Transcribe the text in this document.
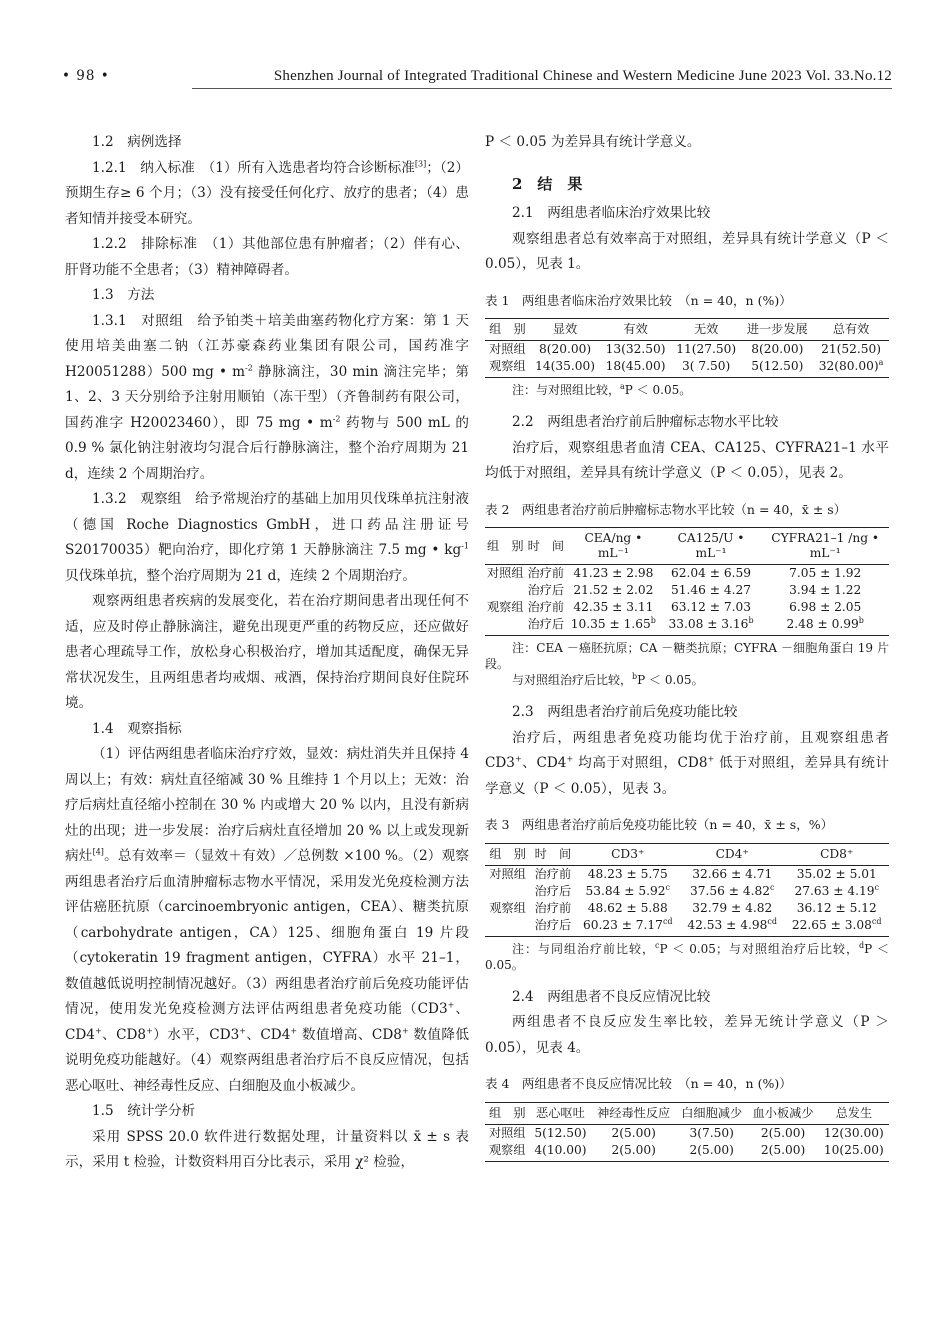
• 98 •	Shenzhen Journal of Integrated Traditional Chinese and Western Medicine June 2023 Vol. 33.No.12

1.2　病例选择

1.2.1　纳入标准　（1）所有入选患者均符合诊断标准[3]；（2）预期生存≥ 6 个月；（3）没有接受任何化疗、放疗的患者；（4）患者知情并接受本研究。

1.2.2　排除标准　（1）其他部位患有肿瘤者；（2）伴有心、肝肾功能不全患者；（3）精神障碍者。

1.3　方法

1.3.1　对照组　给予铂类＋培美曲塞药物化疗方案：第 1 天使用培美曲塞二钠（江苏豪森药业集团有限公司，国药准字 H20051288）500 mg • $m^{-2}$ 静脉滴注，30 min 滴注完毕；第 1、2、3 天分别给予注射用顺铂（冻干型）（齐鲁制药有限公司，国药准字 H20023460），即 75 mg • $m^{-2}$ 药物与 500 mL 的 0.9 % 氯化钠注射液均匀混合后行静脉滴注，整个治疗周期为 21 d，连续 2 个周期治疗。

1.3.2　观察组　给予常规治疗的基础上加用贝伐珠单抗注射液（德国 Roche Diagnostics GmbH，进口药品注册证号 S20170035）靶向治疗，即化疗第 1 天静脉滴注 7.5 mg • $kg^{-1}$ 贝伐珠单抗，整个治疗周期为 21 d，连续 2 个周期治疗。

观察两组患者疾病的发展变化，若在治疗期间患者出现任何不适，应及时停止静脉滴注，避免出现更严重的药物反应，还应做好患者心理疏导工作，放松身心积极治疗，增加其适配度，确保无异常状况发生，且两组患者均戒烟、戒酒，保持治疗期间良好住院环境。

1.4　观察指标

（1）评估两组患者临床治疗疗效，显效：病灶消失并且保持 4 周以上；有效：病灶直径缩减 30 % 且维持 1 个月以上；无效：治疗后病灶直径缩小控制在 30 % 内或增大 20 % 以内，且没有新病灶的出现；进一步发展：治疗后病灶直径增加 20 % 以上或发现新病灶[4]。总有效率＝（显效＋有效）／总例数 ×100 %。（2）观察两组患者治疗后血清肿瘤标志物水平情况，采用发光免疫检测方法评估癌胚抗原（carcinoembryonic antigen，CEA）、糖类抗原（carbohydrate antigen，CA）125、细胞角蛋白 19 片段（cytokeratin 19 fragment antigen，CYFRA）水平 21–1，数值越低说明控制情况越好。（3）两组患者治疗前后免疫功能评估情况，使用发光免疫检测方法评估两组患者免疫功能（CD3+、CD4+、CD8+）水平，CD3+、CD4+ 数值增高、CD8+ 数值降低说明免疫功能越好。（4）观察两组患者治疗后不良反应情况，包括恶心呕吐、神经毒性反应、白细胞及血小板减少。

1.5　统计学分析

采用 SPSS 20.0 软件进行数据处理，计量资料以 x̄ ± s 表示，采用 t 检验，计数资料用百分比表示，采用 χ² 检验，

P ＜ 0.05 为差异具有统计学意义。

2　结　果

2.1　两组患者临床治疗效果比较

观察组患者总有效率高于对照组，差异具有统计学意义（P ＜ 0.05），见表 1。

表 1　两组患者临床治疗效果比较　（n = 40，n (%)）

组　别	显效	有效	无效	进一步发展	总有效
对照组	8(20.00)	13(32.50)	11(27.50)	8(20.00)	21(52.50)
观察组	14(35.00)	18(45.00)	3( 7.50)	5(12.50)	$32(80.00)^a$

注：与对照组比较，$^a$P ＜ 0.05。

2.2　两组患者治疗前后肿瘤标志物水平比较

治疗后，观察组患者血清 CEA、CA125、CYFRA21–1 水平均低于对照组，差异具有统计学意义（P ＜ 0.05），见表 2。

表 2　两组患者治疗前后肿瘤标志物水平比较（n = 40，x̄ ± s）

组　别	时　间	CEA/ng • mL⁻¹	CA125/U • mL⁻¹	CYFRA21–1 /ng • mL⁻¹
对照组	治疗前	41.23 ± 2.98	62.04 ± 6.59	7.05 ± 1.92
	治疗后	21.52 ± 2.02	51.46 ± 4.27	3.94 ± 1.22
观察组	治疗前	42.35 ± 3.11	63.12 ± 7.03	6.98 ± 2.05
	治疗后	10.35 ± 1.65$^b$	33.08 ± 3.16$^b$	2.48 ± 0.99$^b$

注：CEA －癌胚抗原；CA －糖类抗原；CYFRA －细胞角蛋白 19 片段。

与对照组治疗后比较，$^b$P ＜ 0.05。

2.3　两组患者治疗前后免疫功能比较

治疗后，两组患者免疫功能均优于治疗前，且观察组患者 CD3+、CD4+ 均高于对照组，CD8+ 低于对照组，差异具有统计学意义（P ＜ 0.05），见表 3。

表 3　两组患者治疗前后免疫功能比较（n = 40，x̄ ± s，%）

组　别	时　间	CD3⁺	CD4⁺	CD8⁺
对照组	治疗前	48.23 ± 5.75	32.66 ± 4.71	35.02 ± 5.01
	治疗后	53.84 ± 5.92$^c$	37.56 ± 4.82$^c$	27.63 ± 4.19$^c$
观察组	治疗前	48.62 ± 5.88	32.79 ± 4.82	36.12 ± 5.12
	治疗后	60.23 ± 7.17$^{cd}$	42.53 ± 4.98$^{cd}$	22.65 ± 3.08$^{cd}$

注：与同组治疗前比较，$^c$P ＜ 0.05；与对照组治疗后比较，$^d$P ＜ 0.05。

2.4　两组患者不良反应情况比较

两组患者不良反应发生率比较，差异无统计学意义（P ＞ 0.05），见表 4。

表 4　两组患者不良反应情况比较　（n = 40，n (%)）

组　别	恶心呕吐	神经毒性反应	白细胞减少	血小板减少	总发生
对照组	5(12.50)	2(5.00)	3(7.50)	2(5.00)	12(30.00)
观察组	4(10.00)	2(5.00)	2(5.00)	2(5.00)	10(25.00)
